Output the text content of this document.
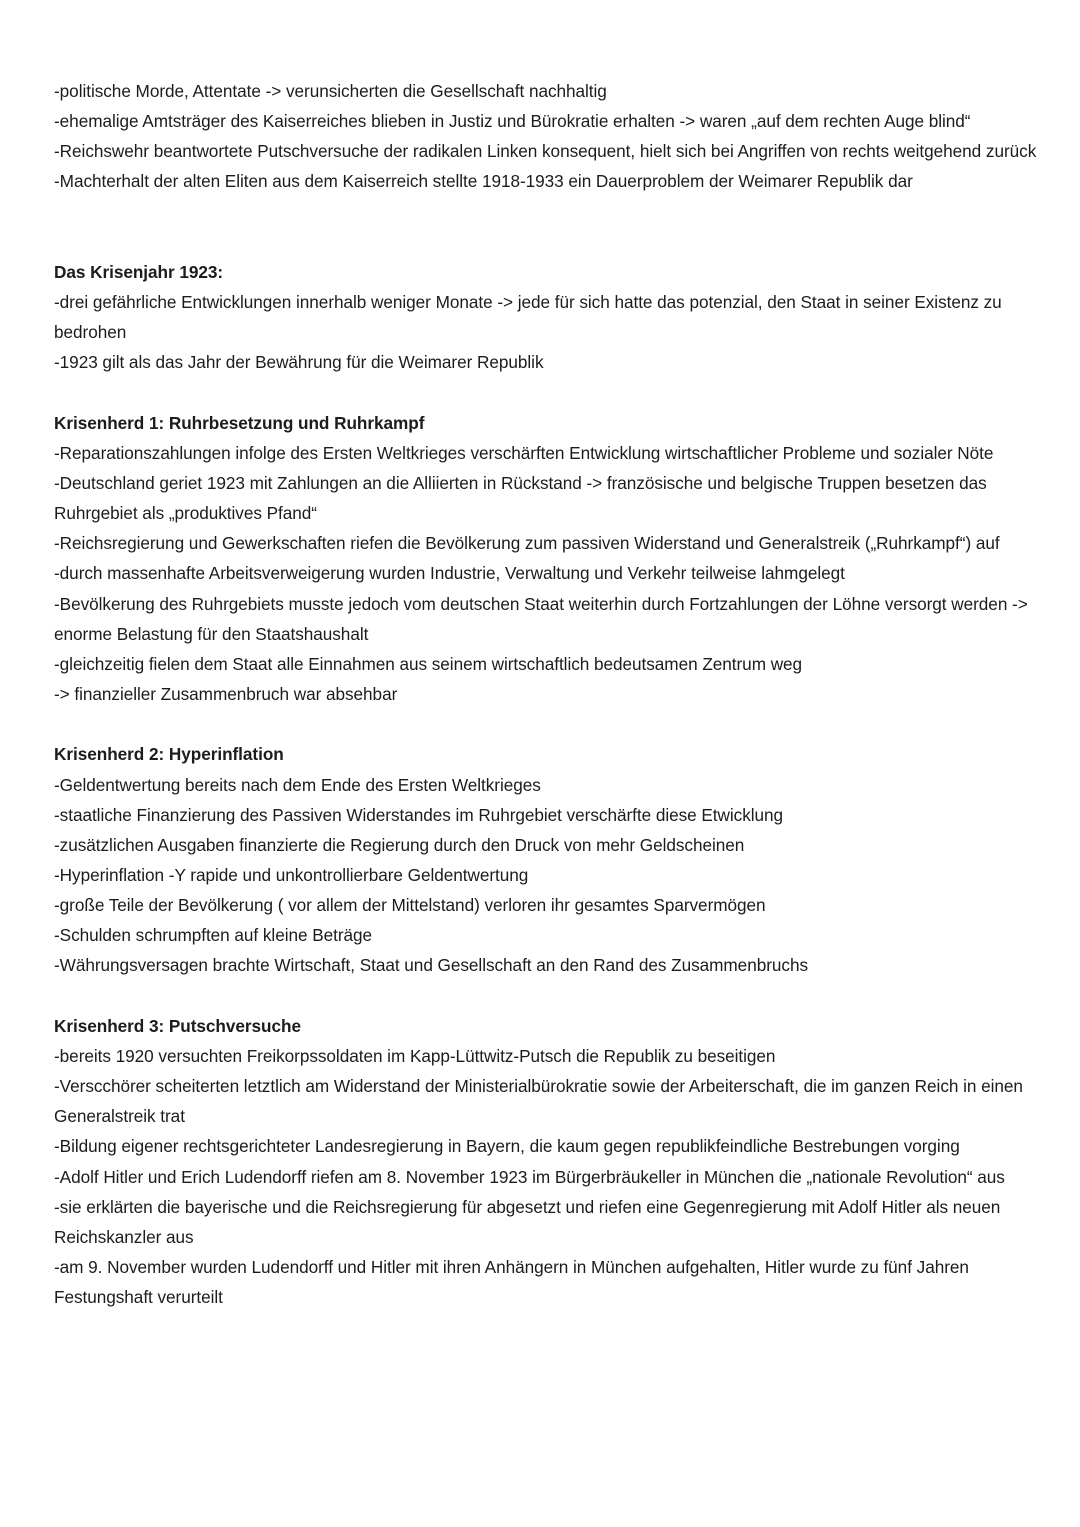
-politische Morde, Attentate -> verunsicherten die Gesellschaft nachhaltig

-ehemalige Amtsträger des Kaiserreiches blieben in Justiz und Bürokratie erhalten -> waren „auf dem rechten Auge blind“

-Reichswehr beantwortete Putschversuche der radikalen Linken konsequent, hielt sich bei Angriffen von rechts weitgehend zurück

-Machterhalt der alten Eliten aus dem Kaiserreich stellte 1918-1933 ein Dauerproblem der Weimarer Republik dar

Das Krisenjahr 1923:

-drei gefährliche Entwicklungen innerhalb weniger Monate -> jede für sich hatte das potenzial, den Staat in seiner Existenz zu bedrohen

-1923 gilt als das Jahr der Bewährung für die Weimarer Republik

Krisenherd 1: Ruhrbesetzung und Ruhrkampf

-Reparationszahlungen infolge des Ersten Weltkrieges verschärften Entwicklung wirtschaftlicher Probleme und sozialer Nöte

-Deutschland geriet 1923 mit Zahlungen an die Alliierten in Rückstand -> französische und belgische Truppen besetzen das Ruhrgebiet als „produktives Pfand“

-Reichsregierung und Gewerkschaften riefen die Bevölkerung zum passiven Widerstand und Generalstreik („Ruhrkampf“) auf

-durch massenhafte Arbeitsverweigerung wurden Industrie, Verwaltung und Verkehr teilweise lahmgelegt

-Bevölkerung des Ruhrgebiets musste jedoch vom deutschen Staat weiterhin durch Fortzahlungen der Löhne versorgt werden -> enorme Belastung für den Staatshaushalt

-gleichzeitig fielen dem Staat alle Einnahmen aus seinem wirtschaftlich bedeutsamen Zentrum weg

-> finanzieller Zusammenbruch war absehbar

Krisenherd 2: Hyperinflation

-Geldentwertung bereits nach dem Ende des Ersten Weltkrieges

-staatliche Finanzierung des Passiven Widerstandes im Ruhrgebiet verschärfte diese Etwicklung

-zusätzlichen Ausgaben finanzierte die Regierung durch den Druck von mehr Geldscheinen

-Hyperinflation -Y rapide und unkontrollierbare Geldentwertung

-große Teile der Bevölkerung ( vor allem der Mittelstand) verloren ihr gesamtes Sparvermögen

-Schulden schrumpften auf kleine Beträge

-Währungsversagen brachte Wirtschaft, Staat und Gesellschaft an den Rand des Zusammenbruchs

Krisenherd 3: Putschversuche

-bereits 1920 versuchten Freikorpssoldaten im Kapp-Lüttwitz-Putsch die Republik zu beseitigen

-Verscchörer scheiterten letztlich am Widerstand der Ministerialbürokratie sowie der Arbeiterschaft, die im ganzen Reich in einen Generalstreik trat

-Bildung eigener rechtsgerichteter Landesregierung in Bayern, die kaum gegen republikfeindliche Bestrebungen vorging

-Adolf Hitler und Erich Ludendorff riefen am 8. November 1923 im Bürgerbräukeller in München die „nationale Revolution“ aus

-sie erklärten die bayerische und die Reichsregierung für abgesetzt und riefen eine Gegenregierung mit Adolf Hitler als neuen Reichskanzler aus

-am 9. November wurden Ludendorff und Hitler mit ihren Anhängern in München aufgehalten, Hitler wurde zu fünf Jahren Festungshaft verurteilt
